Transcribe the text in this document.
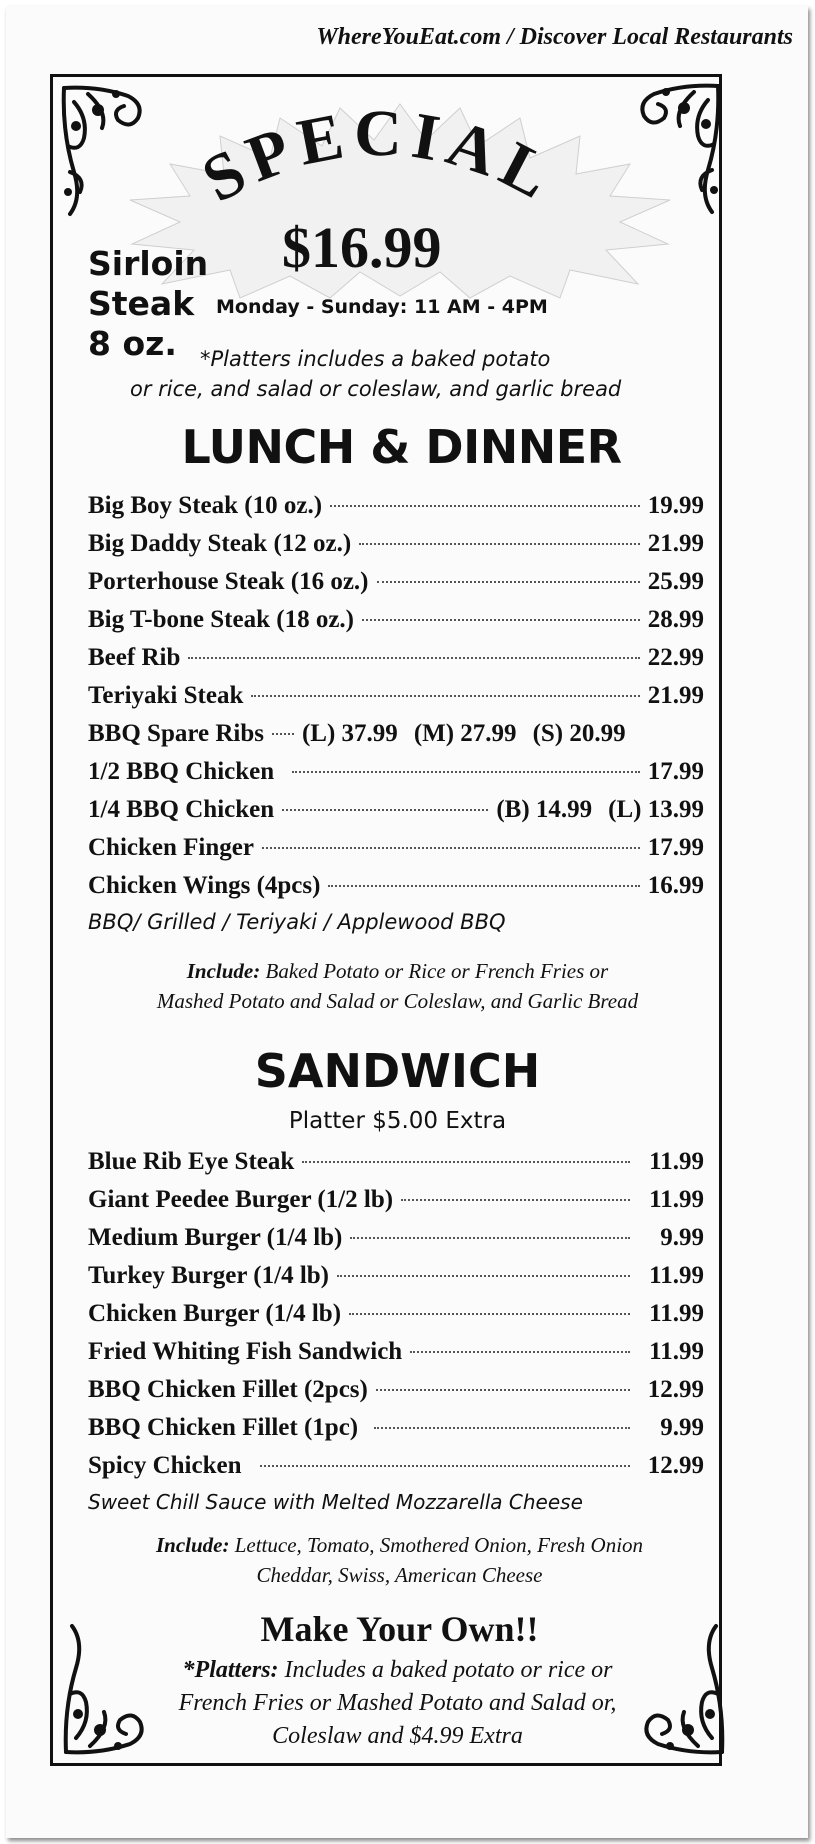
WhereYouEat.com / Discover Local Restaurants
SPECIAL
$16.99
Sirloin
Steak
8 oz.
Monday - Sunday: 11 AM - 4PM
*Platters includes a baked potato
or rice, and salad or coleslaw, and garlic bread
LUNCH & DINNER
Big Boy Steak (10 oz.)	19.99
Big Daddy Steak (12 oz.)	21.99
Porterhouse Steak (16 oz.)	25.99
Big T-bone Steak (18 oz.)	28.99
Beef Rib	22.99
Teriyaki Steak	21.99
BBQ Spare Ribs (L) 37.99 (M) 27.99 (S) 20.99
1/2 BBQ Chicken	17.99
1/4 BBQ Chicken	(B) 14.99 (L) 13.99
Chicken Finger	17.99
Chicken Wings (4pcs)	16.99
BBQ/ Grilled / Teriyaki / Applewood BBQ
Include: Baked Potato or Rice or French Fries or
Mashed Potato and Salad or Coleslaw, and Garlic Bread
SANDWICH
Platter $5.00 Extra
Blue Rib Eye Steak	11.99
Giant Peedee Burger (1/2 lb)	11.99
Medium Burger (1/4 lb)	9.99
Turkey Burger (1/4 lb)	11.99
Chicken Burger (1/4 lb)	11.99
Fried Whiting Fish Sandwich	11.99
BBQ Chicken Fillet (2pcs)	12.99
BBQ Chicken Fillet (1pc)	9.99
Spicy Chicken	12.99
Sweet Chill Sauce with Melted Mozzarella Cheese
Include: Lettuce, Tomato, Smothered Onion, Fresh Onion
Cheddar, Swiss, American Cheese
Make Your Own!!
*Platters: Includes a baked potato or rice or
French Fries or Mashed Potato and Salad or,
Coleslaw and $4.99 Extra
